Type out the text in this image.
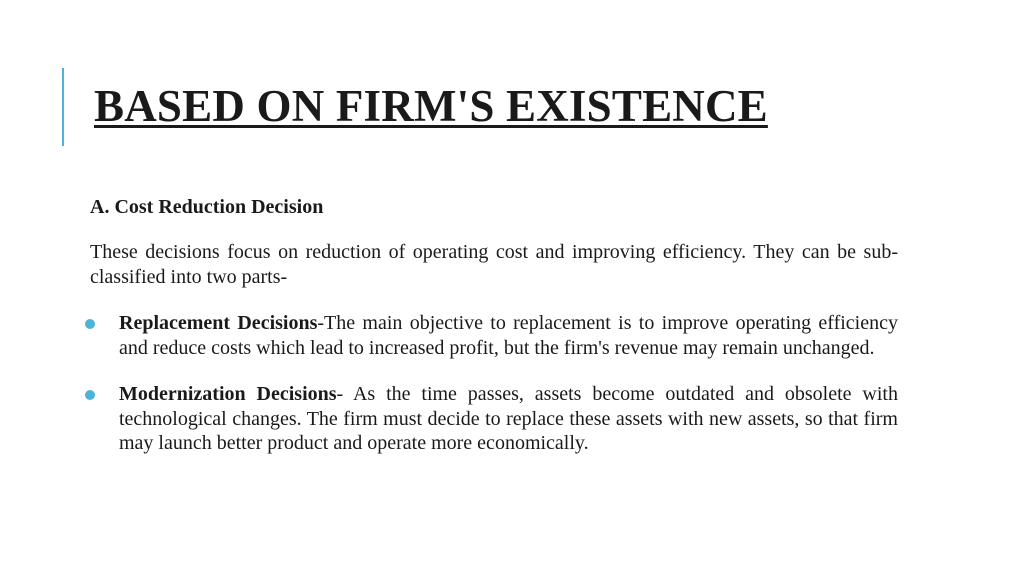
BASED ON FIRM'S EXISTENCE

A. Cost Reduction Decision

These decisions focus on reduction of operating cost and improving efficiency. They can be sub-classified into two parts-

Replacement Decisions-The main objective to replacement is to improve operating efficiency and reduce costs which lead to increased profit, but the firm's revenue may remain unchanged.
Modernization Decisions- As the time passes, assets become outdated and obsolete with technological changes. The firm must decide to replace these assets with new assets, so that firm may launch better product and operate more economically.
